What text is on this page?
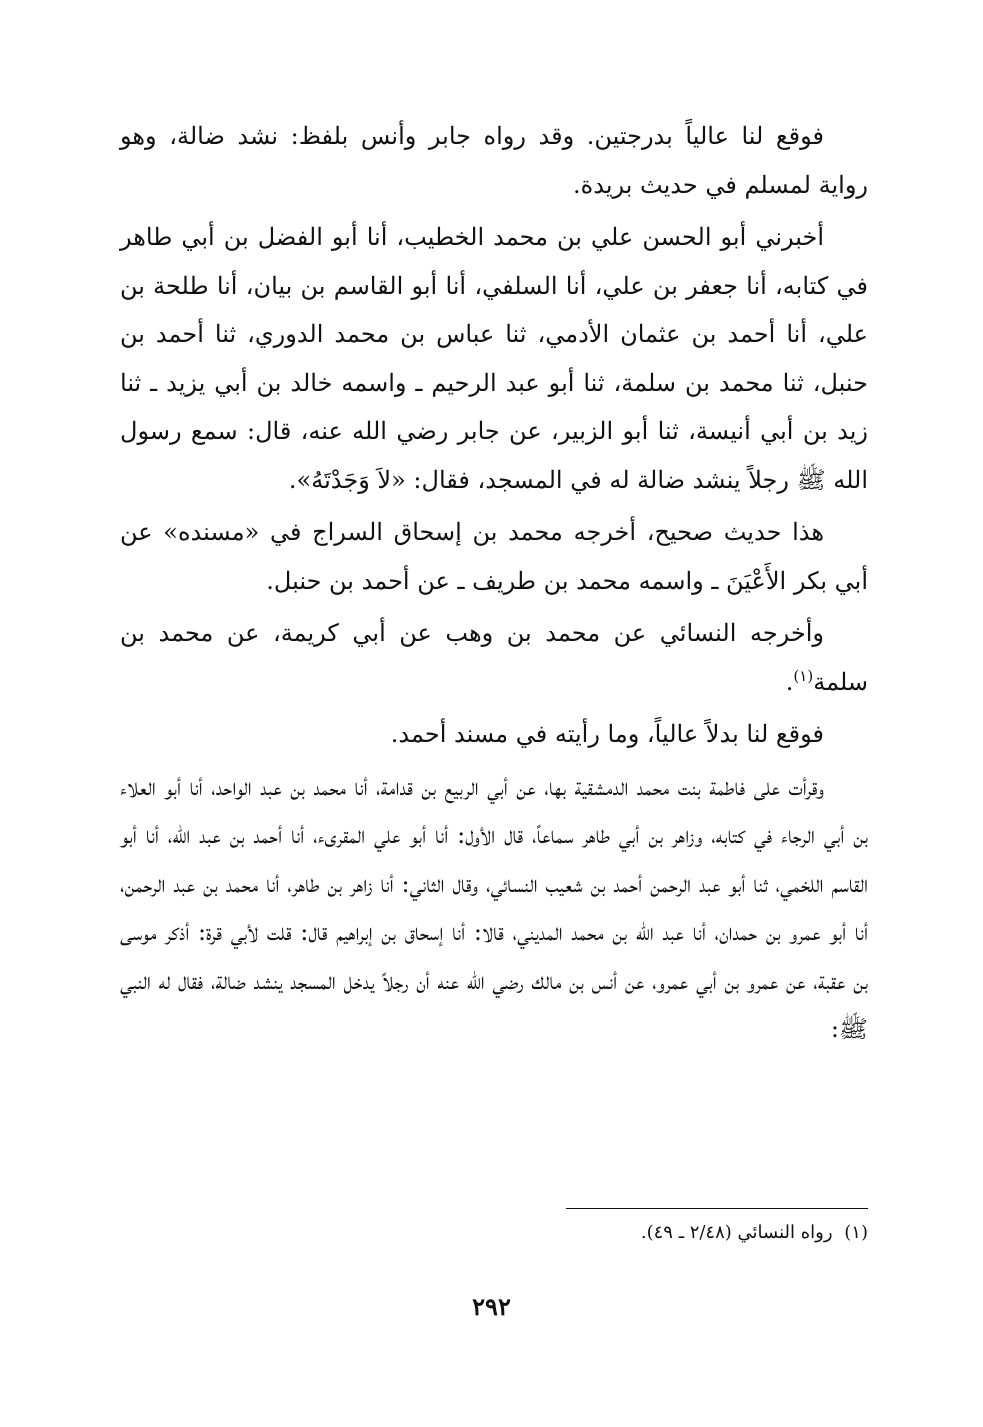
فوقع لنا عالياً بدرجتين. وقد رواه جابر وأنس بلفظ: نشد ضالة، وهو رواية لمسلم في حديث بريدة.

أخبرني أبو الحسن علي بن محمد الخطيب، أنا أبو الفضل بن أبي طاهر في كتابه، أنا جعفر بن علي، أنا السلفي، أنا أبو القاسم بن بيان، أنا طلحة بن علي، أنا أحمد بن عثمان الأدمي، ثنا عباس بن محمد الدوري، ثنا أحمد بن حنبل، ثنا محمد بن سلمة، ثنا أبو عبد الرحيم ـ واسمه خالد بن أبي يزيد ـ ثنا زيد بن أبي أنيسة، ثنا أبو الزبير، عن جابر رضي الله عنه، قال: سمع رسول الله ﷺ رجلاً ينشد ضالة له في المسجد، فقال: «لاَ وَجَدْتَهُ».

هذا حديث صحيح، أخرجه محمد بن إسحاق السراج في «مسنده» عن أبي بكر الأَعْيَنَ ـ واسمه محمد بن طريف ـ عن أحمد بن حنبل.

وأخرجه النسائي عن محمد بن وهب عن أبي كريمة، عن محمد بن سلمة$^{(١)}$.

فوقع لنا بدلاً عالياً، وما رأيته في مسند أحمد.

وقرأت على فاطمة بنت محمد الدمشقية بها، عن أبي الربيع بن قدامة، أنا محمد بن عبد الواحد، أنا أبو العلاء بن أبي الرجاء في كتابه، وزاهر بن أبي طاهر سماعاً، قال الأول: أنا أبو علي المقرىء، أنا أحمد بن عبد الله، أنا أبو القاسم اللخمي، ثنا أبو عبد الرحمن أحمد بن شعيب النسائي، وقال الثاني: أنا زاهر بن طاهر، أنا محمد بن عبد الرحمن، أنا أبو عمرو بن حمدان، أنا عبد الله بن محمد المديني، قالا: أنا إسحاق بن إبراهيم قال: قلت لأبي قرة: أذكر موسى بن عقبة، عن عمرو بن أبي عمرو، عن أنس بن مالك رضي الله عنه أن رجلاً يدخل المسجد ينشد ضالة، فقال له النبي ﷺ:

(١) رواه النسائي (٢/٤٨ ـ ٤٩).
٢٩٢
